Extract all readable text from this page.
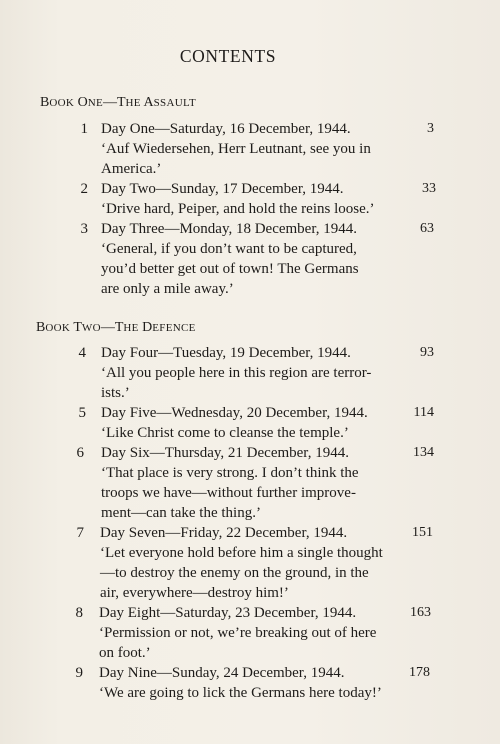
CONTENTS
BOOK ONE—THE ASSAULT
BOOK TWO—THE DEFENCE
1 Day One—Saturday, 16 December, 1944.	3
‘Auf Wiedersehen, Herr Leutnant, see you in
America.’
2 Day Two—Sunday, 17 December, 1944.	33
‘Drive hard, Peiper, and hold the reins loose.’
3 Day Three—Monday, 18 December, 1944.	63
‘General, if you don’t want to be captured,
you’d better get out of town! The Germans
are only a mile away.’
4 Day Four—Tuesday, 19 December, 1944.	93
‘All you people here in this region are terror-
ists.’
5 Day Five—Wednesday, 20 December, 1944.	114
‘Like Christ come to cleanse the temple.’
6 Day Six—Thursday, 21 December, 1944.	134
‘That place is very strong. I don’t think the
troops we have—without further improve-
ment—can take the thing.’
7 Day Seven—Friday, 22 December, 1944.	151
‘Let everyone hold before him a single thought
—to destroy the enemy on the ground, in the
air, everywhere—destroy him!’
8 Day Eight—Saturday, 23 December, 1944.	163
‘Permission or not, we’re breaking out of here
on foot.’
9 Day Nine—Sunday, 24 December, 1944.	178
‘We are going to lick the Germans here today!’
